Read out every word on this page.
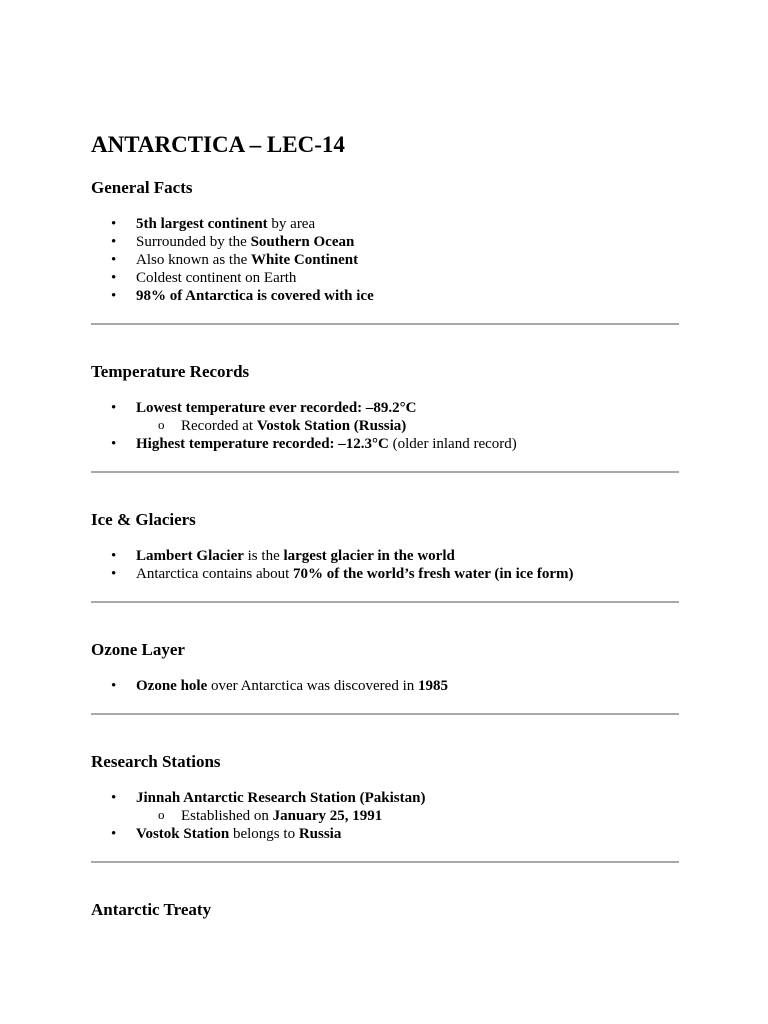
ANTARCTICA – LEC-14
General Facts
• 5th largest continent by area
• Surrounded by the Southern Ocean
• Also known as the White Continent
• Coldest continent on Earth
• 98% of Antarctica is covered with ice
Temperature Records
• Lowest temperature ever recorded: –89.2°C
o Recorded at Vostok Station (Russia)
• Highest temperature recorded: –12.3°C (older inland record)
Ice & Glaciers
• Lambert Glacier is the largest glacier in the world
• Antarctica contains about 70% of the world’s fresh water (in ice form)
Ozone Layer
• Ozone hole over Antarctica was discovered in 1985
Research Stations
• Jinnah Antarctic Research Station (Pakistan)
o Established on January 25, 1991
• Vostok Station belongs to Russia
Antarctic Treaty
